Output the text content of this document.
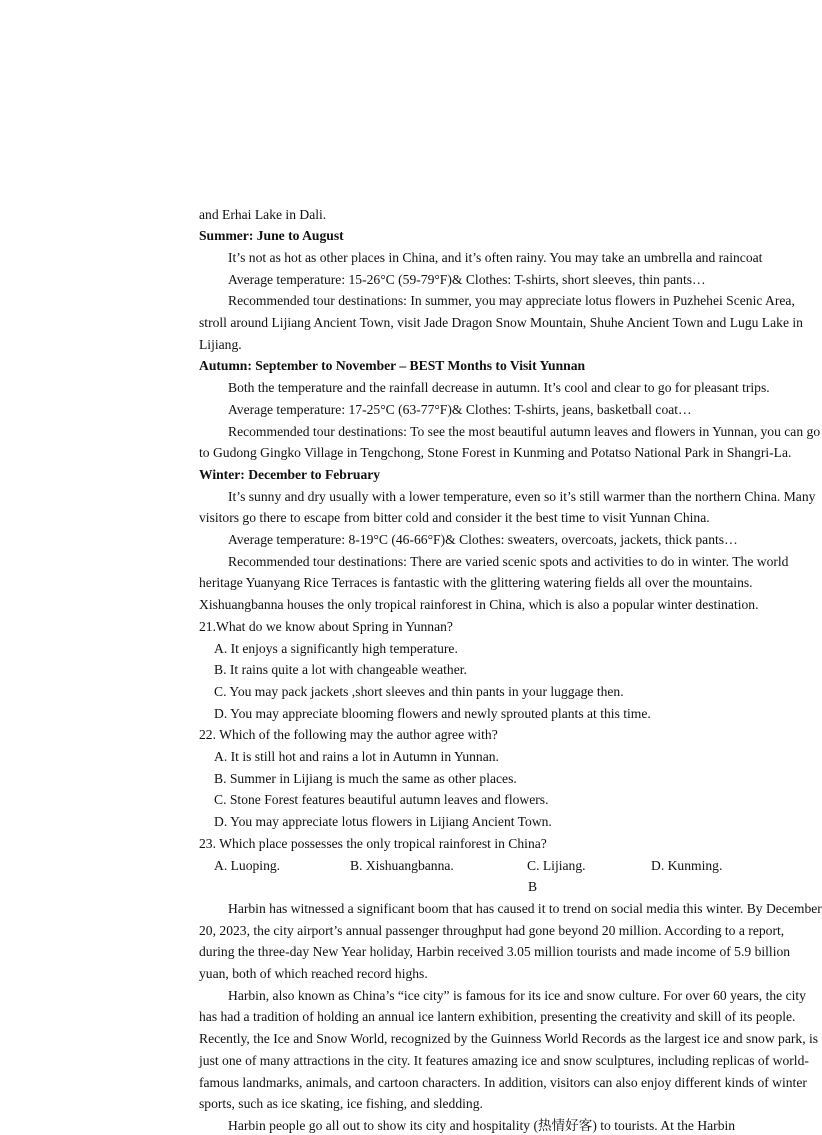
and Erhai Lake in Dali.
Summer: June to August
It’s not as hot as other places in China, and it’s often rainy. You may take an umbrella and raincoat
Average temperature: 15-26°C (59-79°F)& Clothes: T-shirts, short sleeves, thin pants…
Recommended tour destinations: In summer, you may appreciate lotus flowers in Puzhehei Scenic Area,
stroll around Lijiang Ancient Town, visit Jade Dragon Snow Mountain, Shuhe Ancient Town and Lugu Lake in
Lijiang.
Autumn: September to November – BEST Months to Visit Yunnan
Both the temperature and the rainfall decrease in autumn. It’s cool and clear to go for pleasant trips.
Average temperature: 17-25°C (63-77°F)& Clothes: T-shirts, jeans, basketball coat…
Recommended tour destinations: To see the most beautiful autumn leaves and flowers in Yunnan, you can go
to Gudong Gingko Village in Tengchong, Stone Forest in Kunming and Potatso National Park in Shangri-La.
Winter: December to February
It’s sunny and dry usually with a lower temperature, even so it’s still warmer than the northern China. Many
visitors go there to escape from bitter cold and consider it the best time to visit Yunnan China.
Average temperature: 8-19°C (46-66°F)& Clothes: sweaters, overcoats, jackets, thick pants…
Recommended tour destinations: There are varied scenic spots and activities to do in winter. The world
heritage Yuanyang Rice Terraces is fantastic with the glittering watering fields all over the mountains.
Xishuangbanna houses the only tropical rainforest in China, which is also a popular winter destination.
21.What do we know about Spring in Yunnan?
A. It enjoys a significantly high temperature.
B. It rains quite a lot with changeable weather.
C. You may pack jackets ,short sleeves and thin pants in your luggage then.
D. You may appreciate blooming flowers and newly sprouted plants at this time.
22. Which of the following may the author agree with?
A. It is still hot and rains a lot in Autumn in Yunnan.
B. Summer in Lijiang is much the same as other places.
C. Stone Forest features beautiful autumn leaves and flowers.
D. You may appreciate lotus flowers in Lijiang Ancient Town.
23. Which place possesses the only tropical rainforest in China?
A. Luoping.	B. Xishuangbanna.	C. Lijiang.	D. Kunming.
B
Harbin has witnessed a significant boom that has caused it to trend on social media this winter. By December
20, 2023, the city airport’s annual passenger throughput had gone beyond 20 million. According to a report,
during the three-day New Year holiday, Harbin received 3.05 million tourists and made income of 5.9 billion
yuan, both of which reached record highs.
Harbin, also known as China’s “ice city” is famous for its ice and snow culture. For over 60 years, the city
has had a tradition of holding an annual ice lantern exhibition, presenting the creativity and skill of its people.
Recently, the Ice and Snow World, recognized by the Guinness World Records as the largest ice and snow park, is
just one of many attractions in the city. It features amazing ice and snow sculptures, including replicas of world-
famous landmarks, animals, and cartoon characters. In addition, visitors can also enjoy different kinds of winter
sports, such as ice skating, ice fishing, and sledding.
Harbin people go all out to show its city and hospitality (热情好客) to tourists. At the Harbin
